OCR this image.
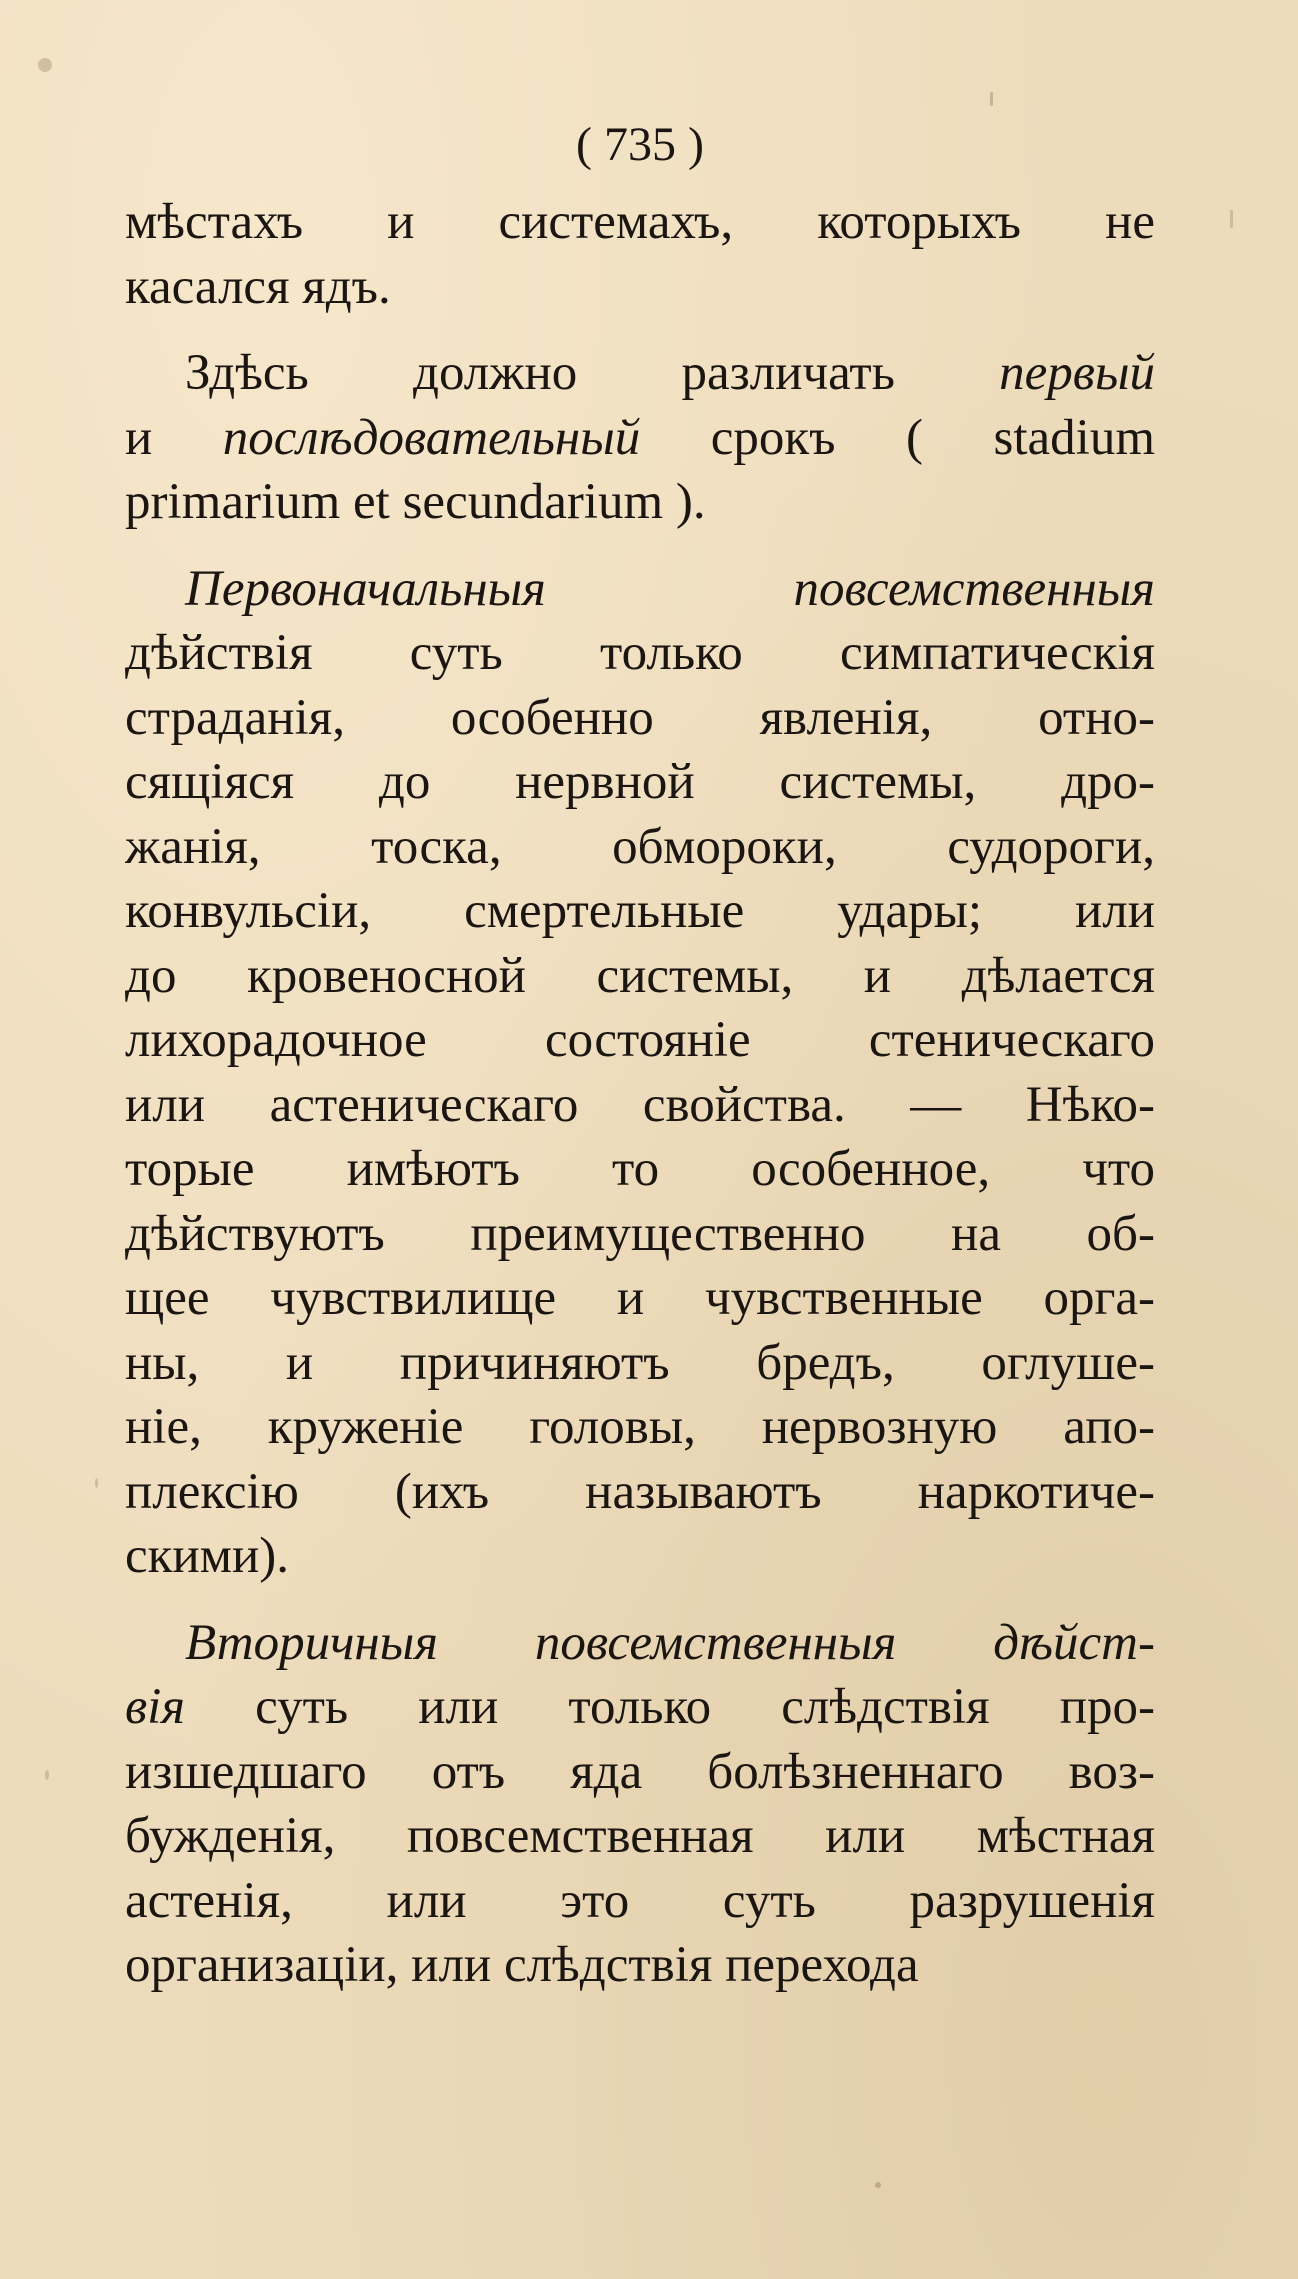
( 735 )
мѣстахъ и системахъ, которыхъ не
касался ядъ.
Здѣсь должно различать первый
и послѣдовательный срокъ ( stadium
primarium et secundarium ).
Первоначальныя повсемственныя
дѣйствія суть только симпатическія
страданія, особенно явленія, отно-
сящіяся до нервной системы, дро-
жанія, тоска, обмороки, судороги,
конвульсіи, смертельные удары; или
до кровеносной системы, и дѣлается
лихорадочное состояніе стеническаго
или астеническаго свойства. — Нѣко-
торые имѣютъ то особенное, что
дѣйствуютъ преимущественно на об-
щее чувствилище и чувственные орга-
ны, и причиняютъ бредъ, оглуше-
ніе, круженіе головы, нервозную апо-
плексію (ихъ называютъ наркотиче-
скими).
Вторичныя повсемственныя дѣйст-
вія суть или только слѣдствія про-
изшедшаго отъ яда болѣзненнаго воз-
бужденія, повсемственная или мѣстная
астенія, или это суть разрушенія
организаціи, или слѣдствія перехода
